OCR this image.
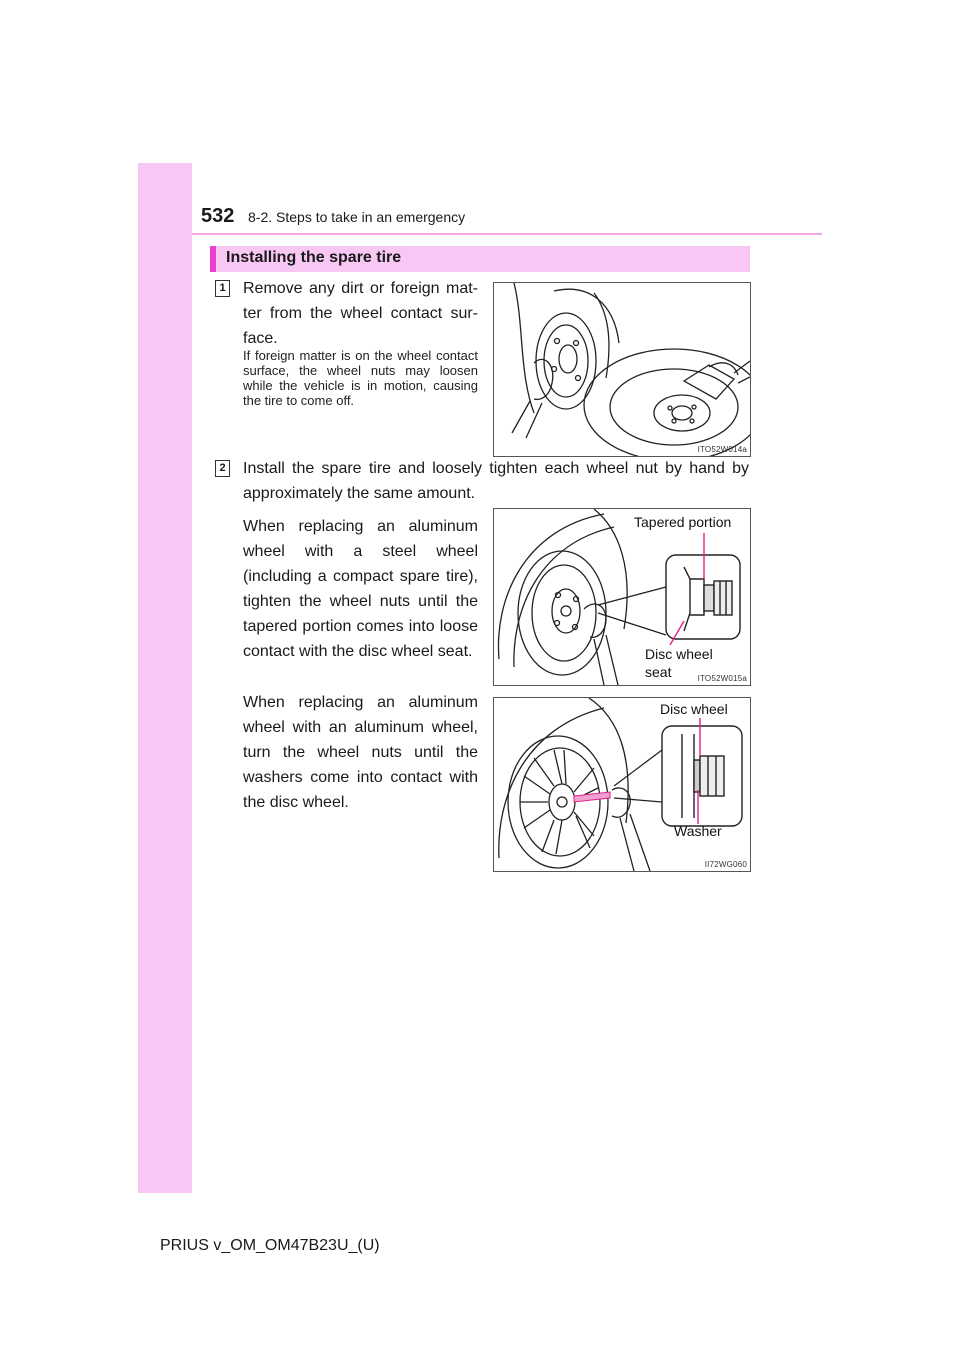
532 8-2. Steps to take in an emergency
Installing the spare tire
1 Remove any dirt or foreign mat-ter from the wheel contact sur-face.
If foreign matter is on the wheel contact surface, the wheel nuts may loosen while the vehicle is in motion, causing the tire to come off.
ITO52W014a
2 Install the spare tire and loosely tighten each wheel nut by hand by approximately the same amount.
When replacing an aluminum wheel with a steel wheel (including a compact spare tire), tighten the wheel nuts until the tapered portion comes into loose contact with the disc wheel seat.
Tapered portion
Disc wheel seat	ITO52W015a
When replacing an aluminum wheel with an aluminum wheel, turn the wheel nuts until the washers come into contact with the disc wheel.
Disc wheel
Washer
II72WG060
PRIUS v_OM_OM47B23U_(U)
